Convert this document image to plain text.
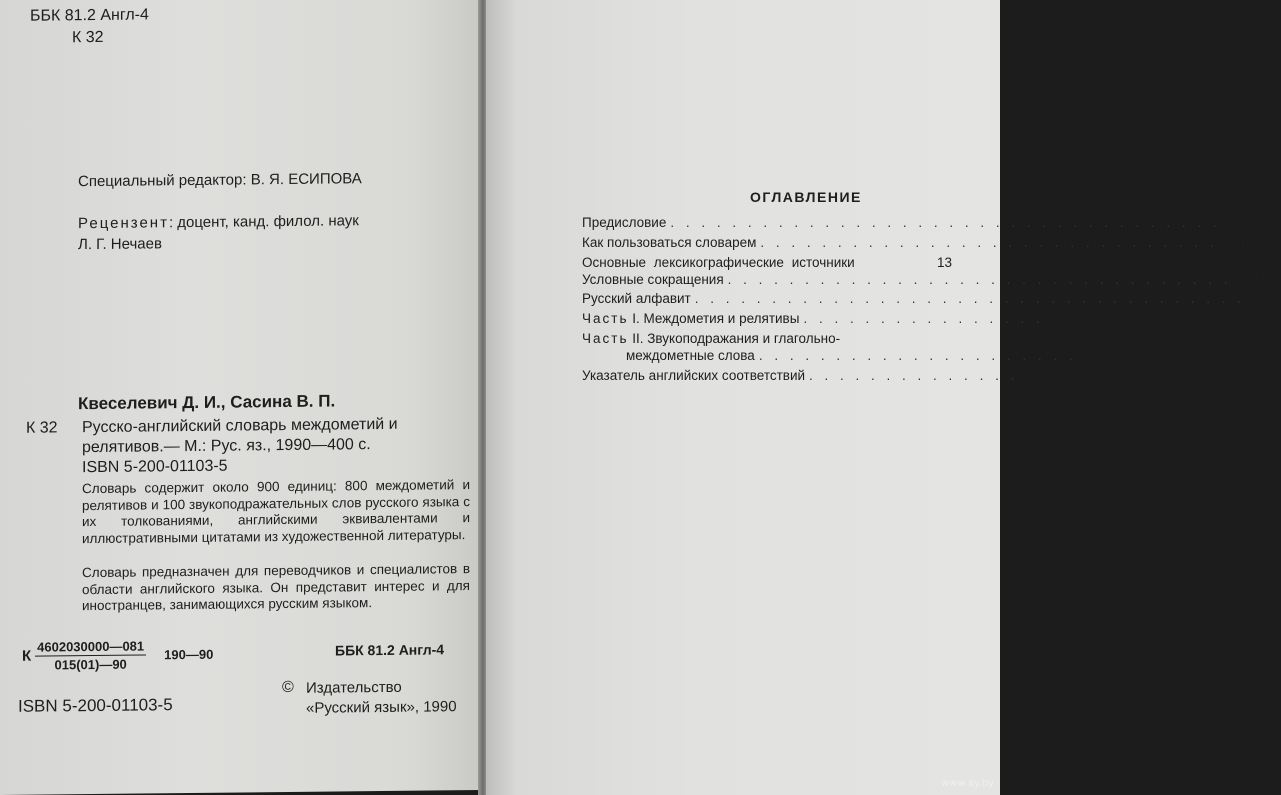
ББК 81.2 Англ-4
К 32
Специальный редактор: В. Я. ЕСИПОВА
Рецензент: доцент, канд. филол. наук
Л. Г. Нечаев
Квеселевич Д. И., Сасина В. П.
К 32 Русско-английский словарь междометий и
релятивов.— М.: Рус. яз., 1990—400 с.
ISBN 5-200-01103-5
Словарь содержит около 900 единиц: 800 междометий и релятивов и 100 звукоподражательных слов русского языка с их толкованиями, английскими эквивалентами и иллюстративными цитатами из художественной литературы.
Словарь предназначен для переводчиков и специалистов в области английского языка. Он представит интерес и для иностранцев, занимающихся русским языком.
К $\frac{4602030000—081}{015(01)—90}$ 190—90	ББК 81.2 Англ-4
© Издательство
«Русский язык», 1990
ISBN 5-200-01103-5
ОГЛАВЛЕНИЕ
Предисловие . . . . . . . . . . . . . . . . . . . . . . . . . . . . . . . . . . . .	6
Как пользоваться словарем . . . . . . . . . . . . . . . . . . . . . . . . . . . . . .	10
Основные лексикографические источники	13
Условные сокращения . . . . . . . . . . . . . . . . . . . . . . . . . . . . . . . . .	14
Русский алфавит . . . . . . . . . . . . . . . . . . . . . . . . . . . . . . . . . . . .	16
Часть I. Междометия и релятивы . . . . . . . . . . . . . . . .	17
Часть II. Звукоподражания и глагольно-
междометные слова . . . . . . . . . . . . . . . . . . . . . 331
Указатель английских соответствий . . . . . . . . . . . . . . 369
www.ay.by
